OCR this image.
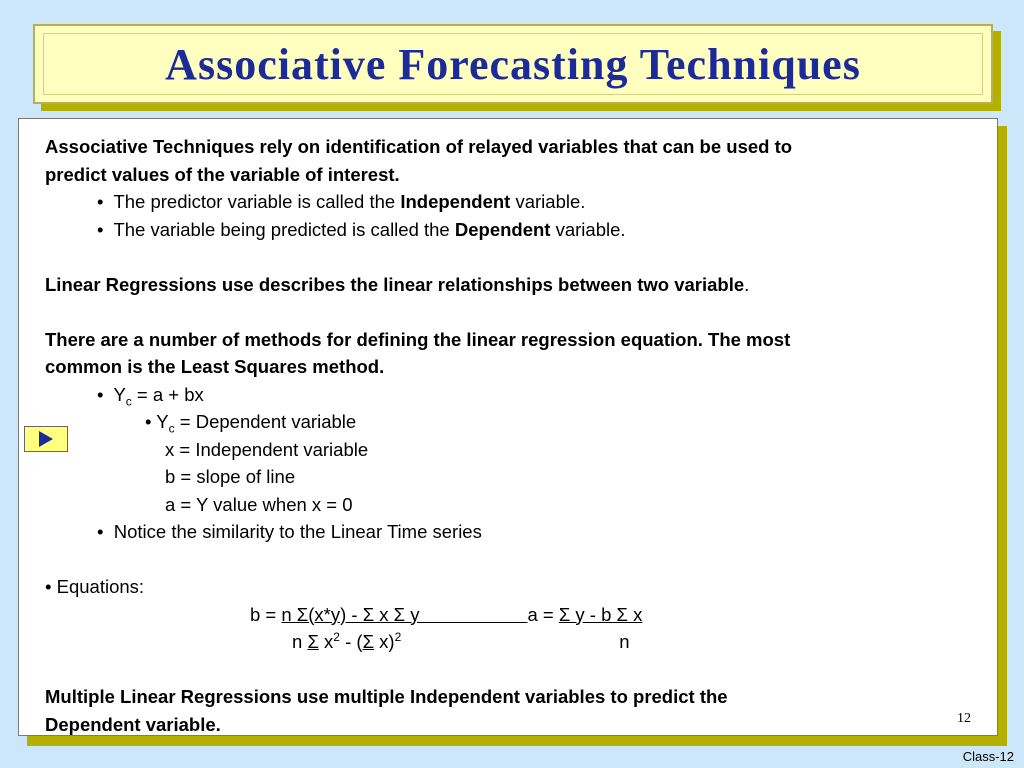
Associative Forecasting Techniques
Associative Techniques rely on identification of relayed variables that can be used to
predict values of the variable of interest.
• The predictor variable is called the Independent variable.
• The variable being predicted is called the Dependent variable.
Linear Regressions use describes the linear relationships between two variable.
There are a number of methods for defining the linear regression equation. The most
common is the Least Squares method.
• $Y_c = a$ + bx
• $Y_c$ = Dependent variable
x = Independent variable
b = slope of line
a = Y value when x = 0
• Notice the similarity to the Linear Time series
• Equations:
b = n Σ(x*y) - Σ x Σ y	a = Σ y - b Σ x
n Σ $x^2 - (\Sigma$ x)$^2$	n
Multiple Linear Regressions use multiple Independent variables to predict the
Dependent variable.	12
Class-12
